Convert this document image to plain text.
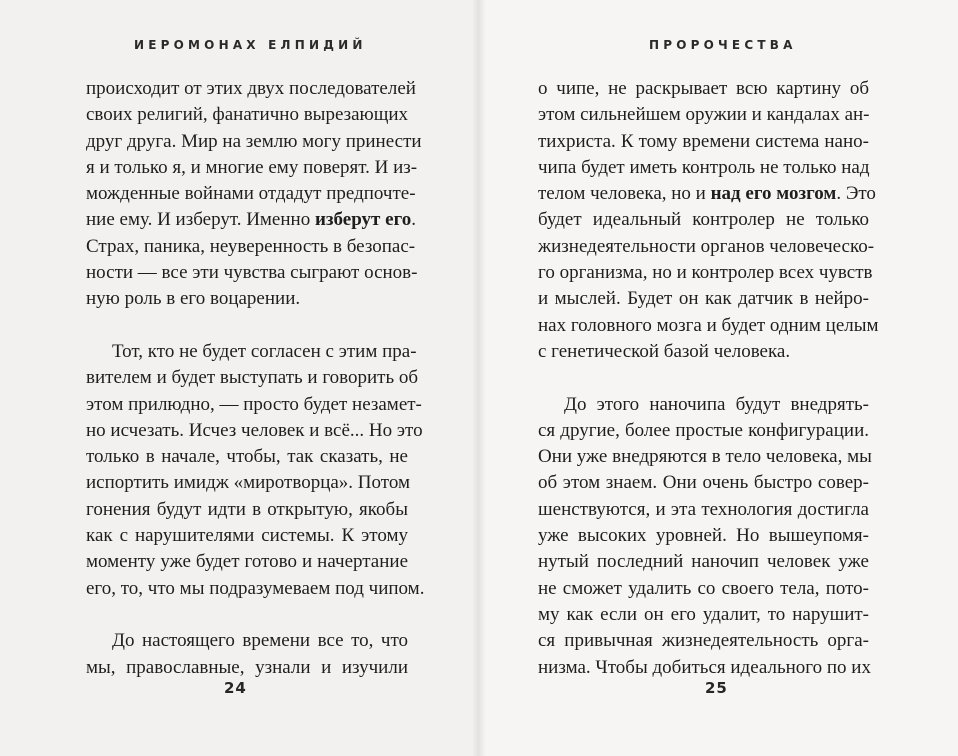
ИЕРОМОНАХ ЕЛПИДИЙ
происходит от этих двух последователей
своих религий, фанатично вырезающих
друг друга. Мир на землю могу принести
я и только я, и многие ему поверят. И из-
можденные войнами отдадут предпочте-
ние ему. И изберут. Именно изберут его.
Страх, паника, неуверенность в безопас-
ности — все эти чувства сыграют основ-
ную роль в его воцарении.
Тот, кто не будет согласен с этим пра-
вителем и будет выступать и говорить об
этом прилюдно, — просто будет незамет-
но исчезать. Исчез человек и всё... Но это
только в начале, чтобы, так сказать, не
испортить имидж «миротворца». Потом
гонения будут идти в открытую, якобы
как с нарушителями системы. К этому
моменту уже будет готово и начертание
его, то, что мы подразумеваем под чипом.
До настоящего времени все то, что
мы, православные, узнали и изучили
24
ПРОРОЧЕСТВА
о чипе, не раскрывает всю картину об
этом сильнейшем оружии и кандалах ан-
тихриста. К тому времени система нано-
чипа будет иметь контроль не только над
телом человека, но и над его мозгом. Это
будет идеальный контролер не только
жизнедеятельности органов человеческо-
го организма, но и контролер всех чувств
и мыслей. Будет он как датчик в нейро-
нах головного мозга и будет одним целым
с генетической базой человека.
До этого наночипа будут внедрять-
ся другие, более простые конфигурации.
Они уже внедряются в тело человека, мы
об этом знаем. Они очень быстро совер-
шенствуются, и эта технология достигла
уже высоких уровней. Но вышеупомя-
нутый последний наночип человек уже
не сможет удалить со своего тела, пото-
му как если он его удалит, то нарушит-
ся привычная жизнедеятельность орга-
низма. Чтобы добиться идеального по их
25
